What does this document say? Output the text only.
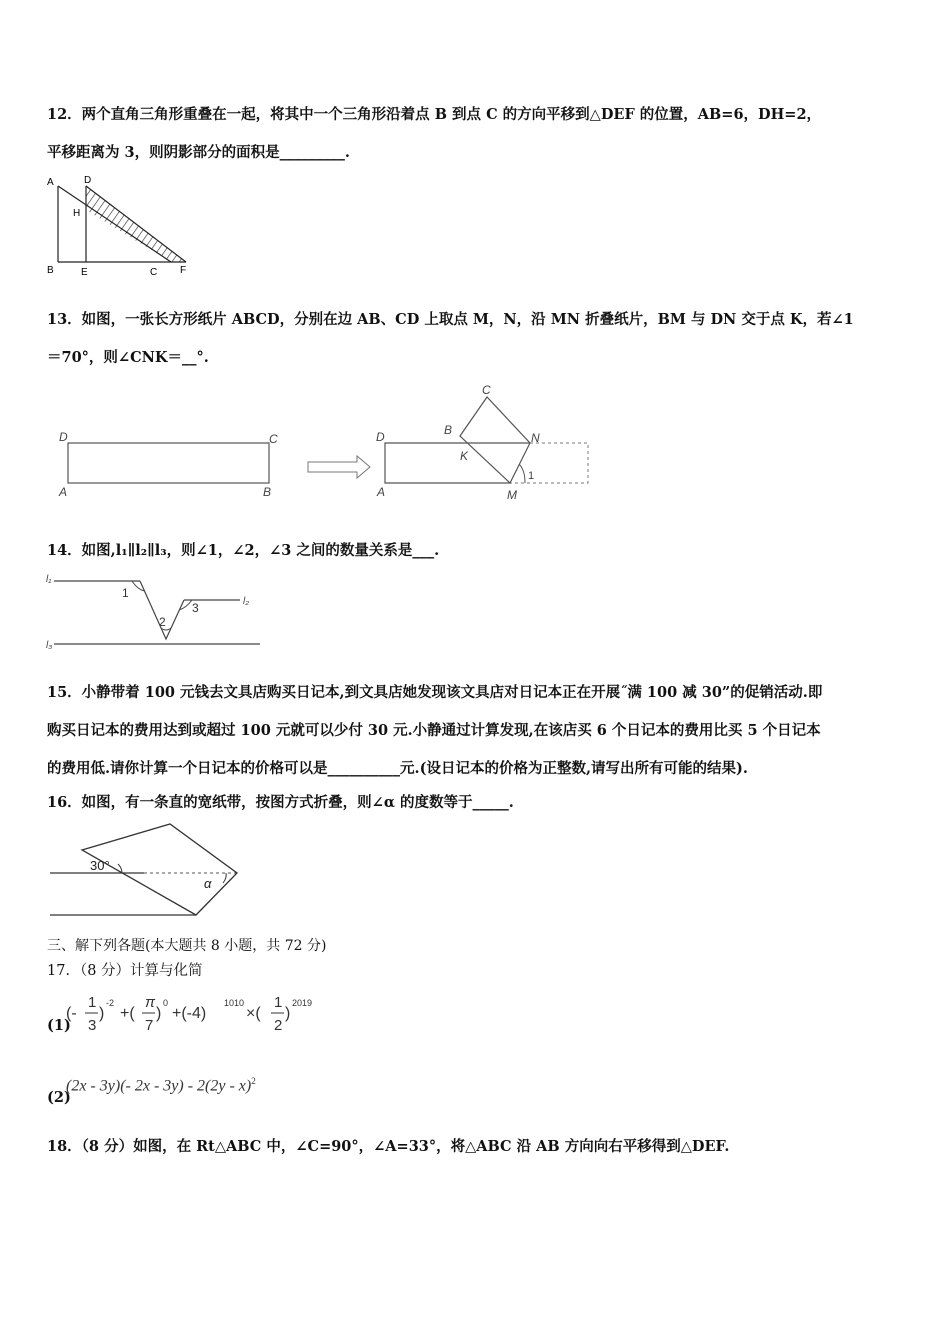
12．两个直角三角形重叠在一起，将其中一个三角形沿着点 B 到点 C 的方向平移到△DEF 的位置，AB=6，DH=2，
平移距离为 3，则阴影部分的面积是_________.
A	D
H
B	E	C F
13．如图，一张长方形纸片 ABCD，分别在边 AB、CD 上取点 M，N，沿 MN 折叠纸片，BM 与 DN 交于点 K，若∠1
＝70°，则∠CNK＝__°.
D	C
A	B
C
B
N
D
K
1
A	M
14．如图,l₁∥l₂∥l₃，则∠1，∠2，∠3 之间的数量关系是___.
l₁
1
3	l₂
2
l₃
15．小静带着 100 元钱去文具店购买日记本,到文具店她发现该文具店对日记本正在开展˝满 100 减 30”的促销活动.即
购买日记本的费用达到或超过 100 元就可以少付 30 元.小静通过计算发现,在该店买 6 个日记本的费用比买 5 个日记本
的费用低.请你计算一个日记本的价格可以是__________元.(设日记本的价格为正整数,请写出所有可能的结果).
16．如图，有一条直的宽纸带，按图方式折叠，则∠α 的度数等于_____.
30°
α
三、解下列各题(本大题共 8 小题，共 72 分)
17．（8 分）计算与化简
(1)
(-
1
3
)
-2
+(
π
7
)
0
+(-4)
1010
×(
1
2
)
2019
(2)
(2x - 3y)(- 2x - 3y) - 2(2y - x)$^2$
18．（8 分）如图，在 Rt△ABC 中，∠C=90°，∠A=33°，将△ABC 沿 AB 方向向右平移得到△DEF.
